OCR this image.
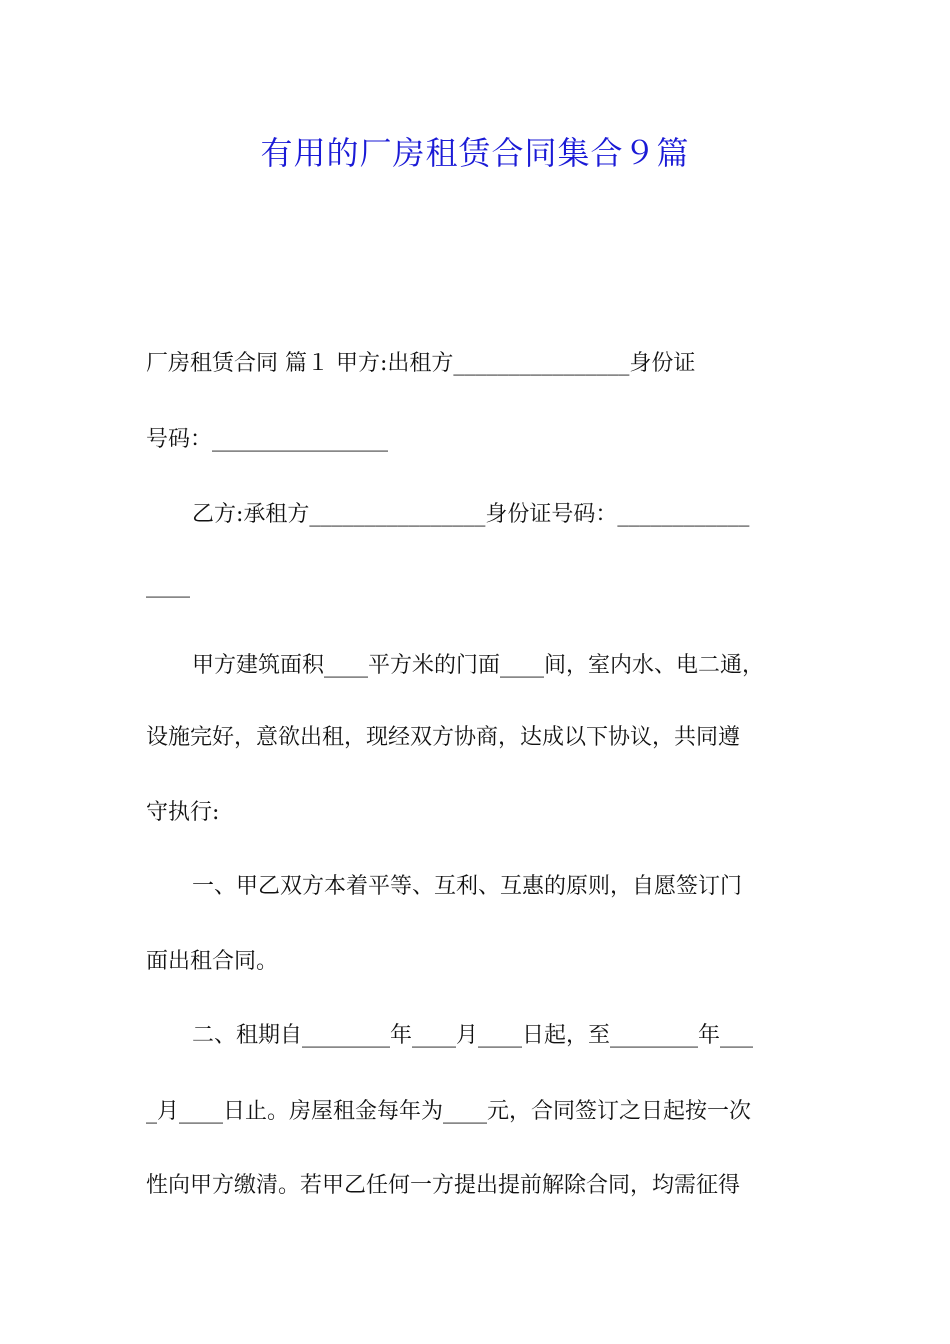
有用的厂房租赁合同集合９篇

厂房租赁合同 篇１ 甲方:出租方________________身份证

号码：________________

乙方:承租方________________身份证号码：____________

____

甲方建筑面积____平方米的门面____间，室内水、电二通，

设施完好，意欲出租，现经双方协商，达成以下协议，共同遵

守执行:

一、甲乙双方本着平等、互利、互惠的原则，自愿签订门

面出租合同。

二、租期自________年____月____日起，至________年___

_月____日止。房屋租金每年为____元，合同签订之日起按一次

性向甲方缴清。若甲乙任何一方提出提前解除合同，均需征得
